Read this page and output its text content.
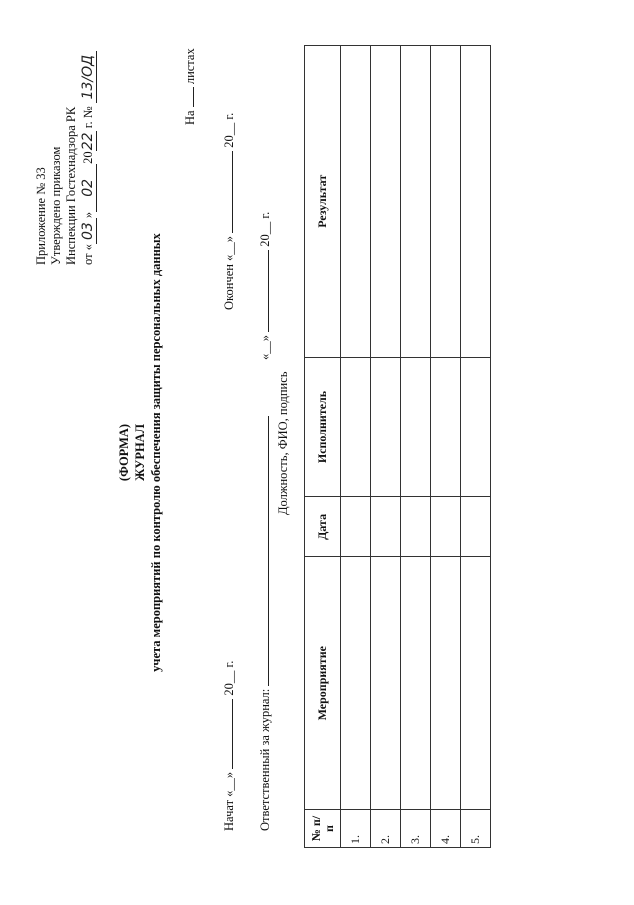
Приложение № 33 Утверждено приказом Инспекции Гостехнадзора РК от «03»022022 г. № 13/ОД
На  листах
(ФОРМА) ЖУРНАЛ учета мероприятий по контролю обеспечения защиты персональных данных
Начат «__»  20__ г.
Окончен «__»  20__ г.
Ответственный за журнал:
«__»  20__ г.
Должность, ФИО, подпись
№ п/п	Мероприятие	Дата	Исполнитель	Результат
1.				
2.				
3.				
4.				
5.				
